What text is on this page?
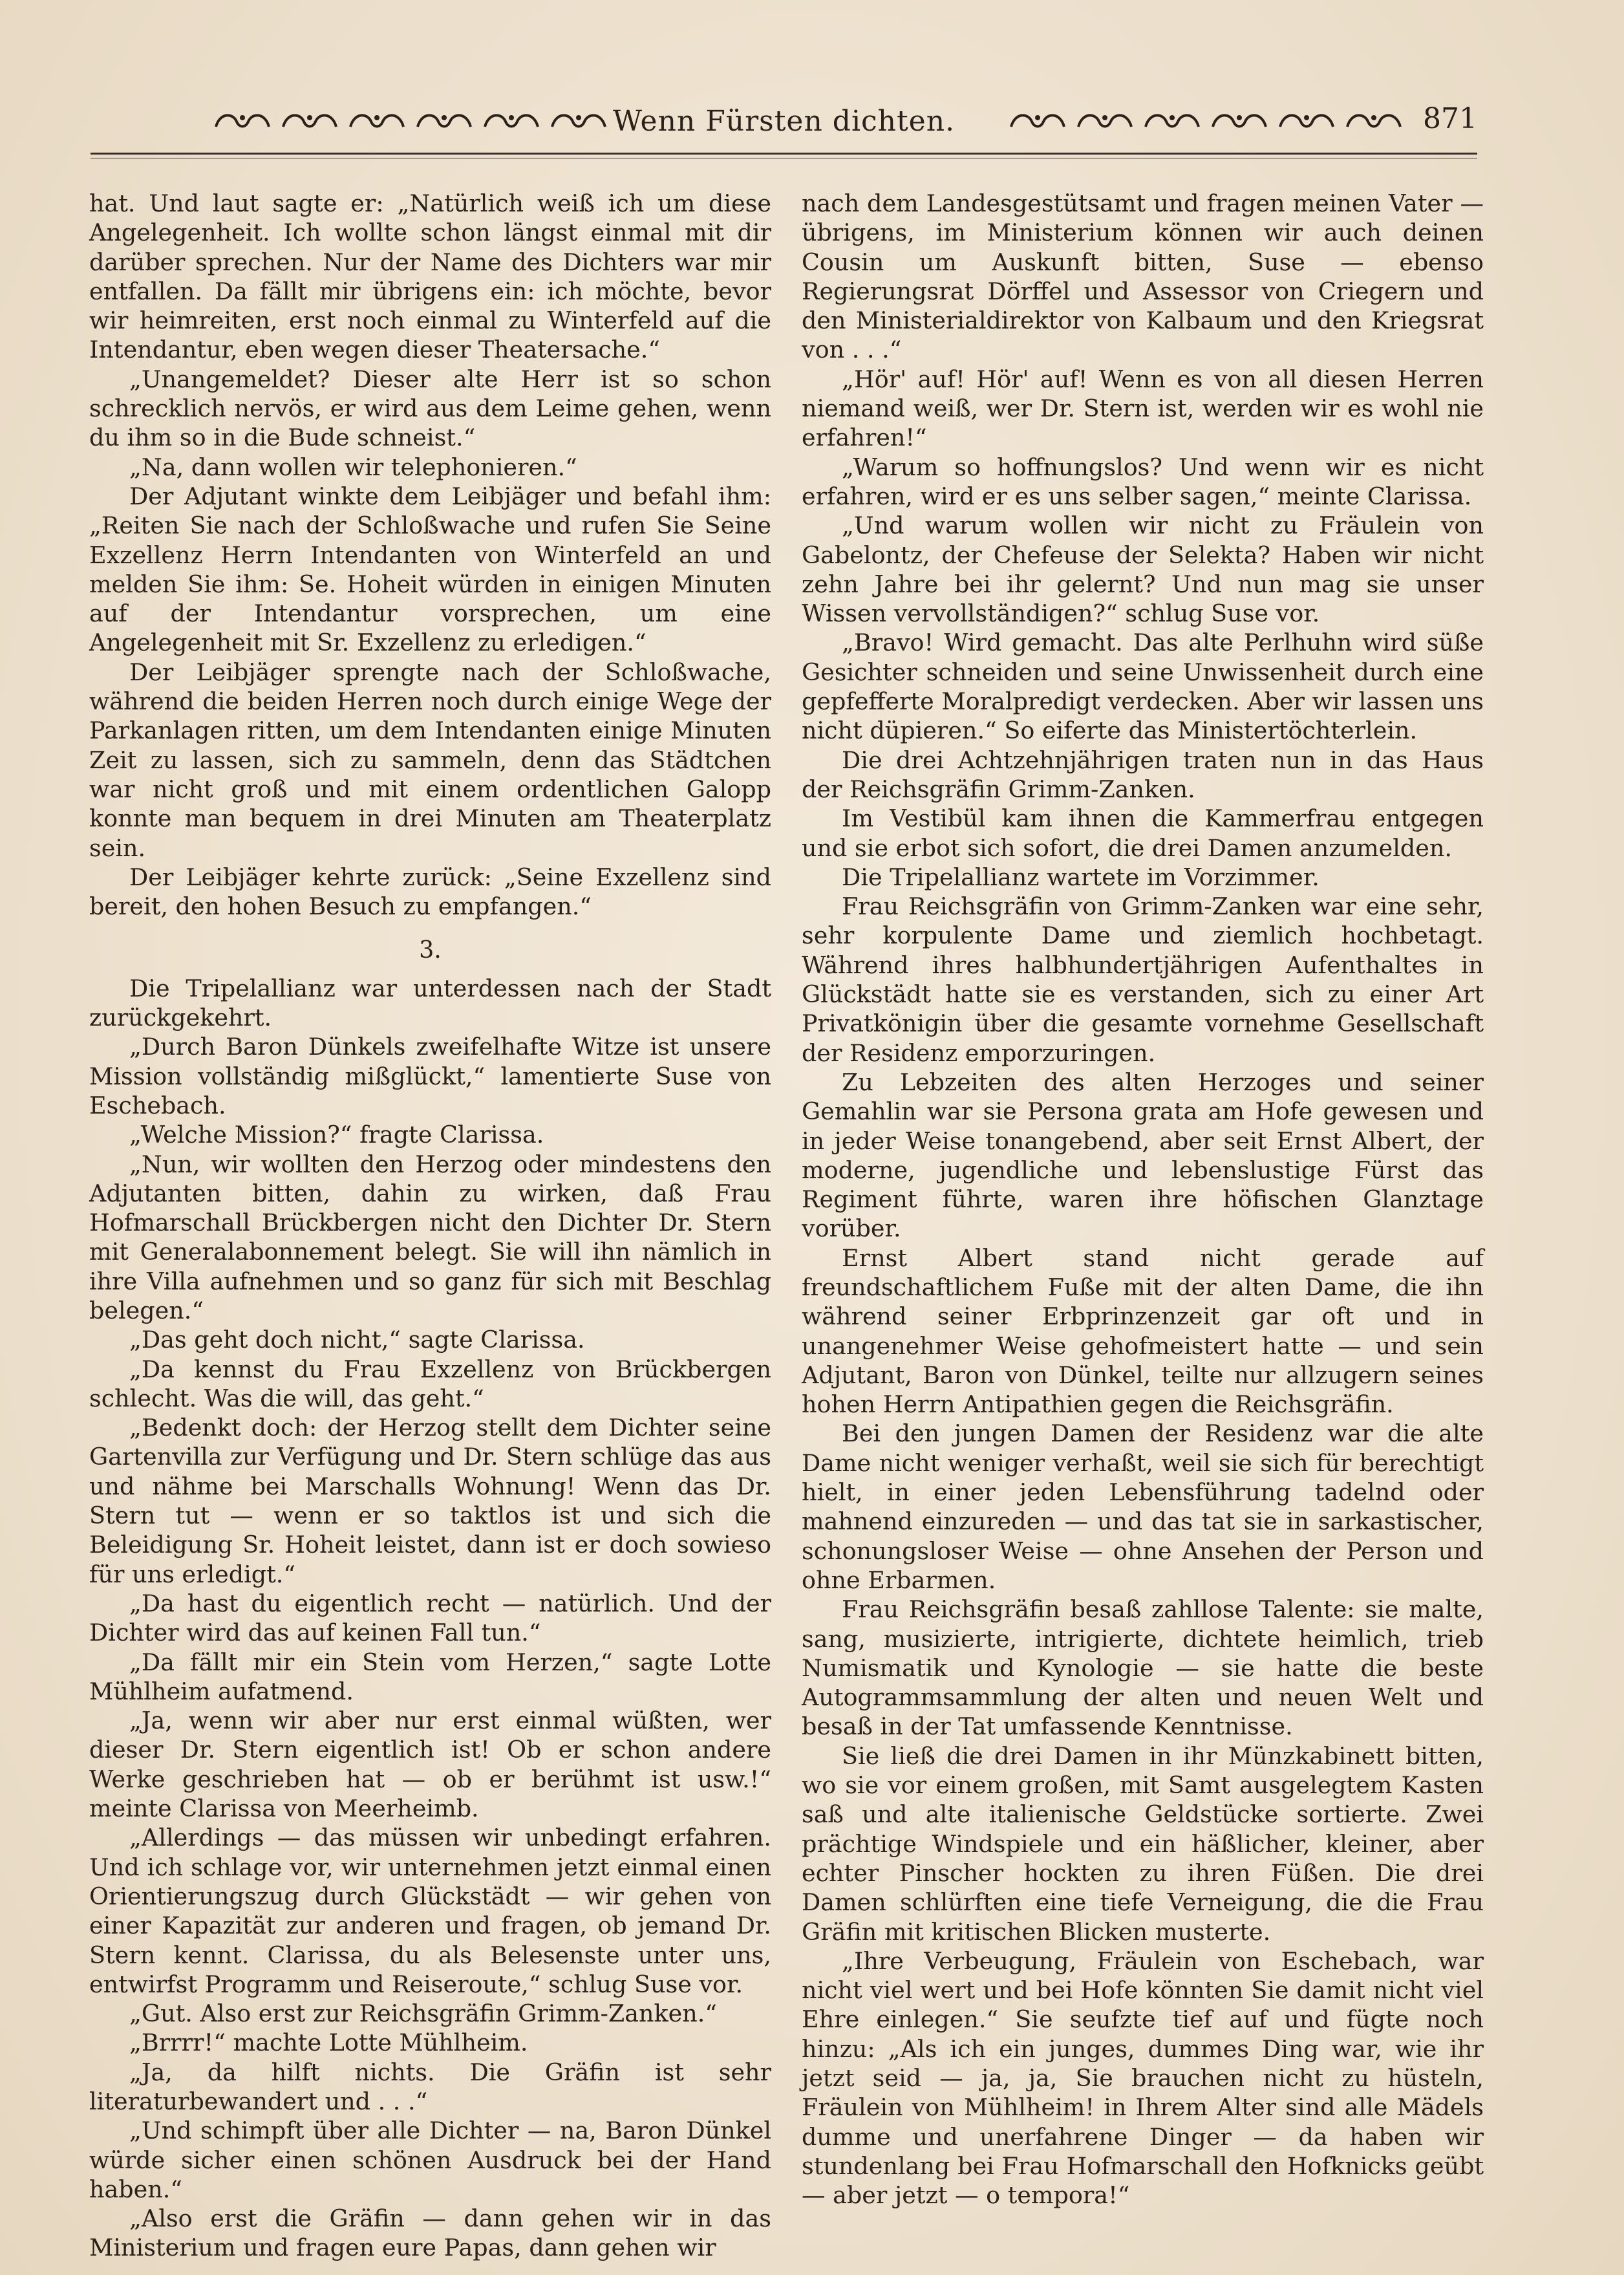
Wenn Fürsten dichten.	871

hat. Und laut sagte er: „Natürlich weiß ich um diese Angelegenheit. Ich wollte schon längst einmal mit dir darüber sprechen. Nur der Name des Dichters war mir entfallen. Da fällt mir übrigens ein: ich möchte, bevor wir heimreiten, erst noch einmal zu Winterfeld auf die Intendantur, eben wegen dieser Theatersache.“

„Unangemeldet? Dieser alte Herr ist so schon schrecklich nervös, er wird aus dem Leime gehen, wenn du ihm so in die Bude schneist.“

„Na, dann wollen wir telephonieren.“

Der Adjutant winkte dem Leibjäger und befahl ihm: „Reiten Sie nach der Schloßwache und rufen Sie Seine Exzellenz Herrn Intendanten von Winterfeld an und melden Sie ihm: Se. Hoheit würden in einigen Minuten auf der Intendantur vorsprechen, um eine Angelegenheit mit Sr. Exzellenz zu erledigen.“

Der Leibjäger sprengte nach der Schloßwache, während die beiden Herren noch durch einige Wege der Parkanlagen ritten, um dem Intendanten einige Minuten Zeit zu lassen, sich zu sammeln, denn das Städtchen war nicht groß und mit einem ordentlichen Galopp konnte man bequem in drei Minuten am Theaterplatz sein.

Der Leibjäger kehrte zurück: „Seine Exzellenz sind bereit, den hohen Besuch zu empfangen.“

3.

Die Tripelallianz war unterdessen nach der Stadt zurückgekehrt.

„Durch Baron Dünkels zweifelhafte Witze ist unsere Mission vollständig mißglückt,“ lamentierte Suse von Eschebach.

„Welche Mission?“ fragte Clarissa.

„Nun, wir wollten den Herzog oder mindestens den Adjutanten bitten, dahin zu wirken, daß Frau Hofmarschall Brückbergen nicht den Dichter Dr. Stern mit Generalabonnement belegt. Sie will ihn nämlich in ihre Villa aufnehmen und so ganz für sich mit Beschlag belegen.“

„Das geht doch nicht,“ sagte Clarissa.

„Da kennst du Frau Exzellenz von Brückbergen schlecht. Was die will, das geht.“

„Bedenkt doch: der Herzog stellt dem Dichter seine Gartenvilla zur Verfügung und Dr. Stern schlüge das aus und nähme bei Marschalls Wohnung! Wenn das Dr. Stern tut — wenn er so taktlos ist und sich die Beleidigung Sr. Hoheit leistet, dann ist er doch sowieso für uns erledigt.“

„Da hast du eigentlich recht — natürlich. Und der Dichter wird das auf keinen Fall tun.“

„Da fällt mir ein Stein vom Herzen,“ sagte Lotte Mühlheim aufatmend.

„Ja, wenn wir aber nur erst einmal wüßten, wer dieser Dr. Stern eigentlich ist! Ob er schon andere Werke geschrieben hat — ob er berühmt ist usw.!“ meinte Clarissa von Meerheimb.

„Allerdings — das müssen wir unbedingt erfahren. Und ich schlage vor, wir unternehmen jetzt einmal einen Orientierungszug durch Glückstädt — wir gehen von einer Kapazität zur anderen und fragen, ob jemand Dr. Stern kennt. Clarissa, du als Belesenste unter uns, entwirfst Programm und Reiseroute,“ schlug Suse vor.

„Gut. Also erst zur Reichsgräfin Grimm-Zanken.“

„Brrrr!“ machte Lotte Mühlheim.

„Ja, da hilft nichts. Die Gräfin ist sehr literaturbewandert und . . .“

„Und schimpft über alle Dichter — na, Baron Dünkel würde sicher einen schönen Ausdruck bei der Hand haben.“

„Also erst die Gräfin — dann gehen wir in das Ministerium und fragen eure Papas, dann gehen wir

nach dem Landesgestütsamt und fragen meinen Vater — übrigens, im Ministerium können wir auch deinen Cousin um Auskunft bitten, Suse — ebenso Regierungsrat Dörffel und Assessor von Criegern und den Ministerialdirektor von Kalbaum und den Kriegsrat von . . .“

„Hör' auf! Hör' auf! Wenn es von all diesen Herren niemand weiß, wer Dr. Stern ist, werden wir es wohl nie erfahren!“

„Warum so hoffnungslos? Und wenn wir es nicht erfahren, wird er es uns selber sagen,“ meinte Clarissa.

„Und warum wollen wir nicht zu Fräulein von Gabelontz, der Chefeuse der Selekta? Haben wir nicht zehn Jahre bei ihr gelernt? Und nun mag sie unser Wissen vervollständigen?“ schlug Suse vor.

„Bravo! Wird gemacht. Das alte Perlhuhn wird süße Gesichter schneiden und seine Unwissenheit durch eine gepfefferte Moralpredigt verdecken. Aber wir lassen uns nicht düpieren.“ So eiferte das Ministertöchterlein.

Die drei Achtzehnjährigen traten nun in das Haus der Reichsgräfin Grimm-Zanken.

Im Vestibül kam ihnen die Kammerfrau entgegen und sie erbot sich sofort, die drei Damen anzumelden.

Die Tripelallianz wartete im Vorzimmer.

Frau Reichsgräfin von Grimm-Zanken war eine sehr, sehr korpulente Dame und ziemlich hochbetagt. Während ihres halbhundertjährigen Aufenthaltes in Glückstädt hatte sie es verstanden, sich zu einer Art Privatkönigin über die gesamte vornehme Gesellschaft der Residenz emporzuringen.

Zu Lebzeiten des alten Herzoges und seiner Gemahlin war sie Persona grata am Hofe gewesen und in jeder Weise tonangebend, aber seit Ernst Albert, der moderne, jugendliche und lebenslustige Fürst das Regiment führte, waren ihre höfischen Glanztage vorüber.

Ernst Albert stand nicht gerade auf freundschaftlichem Fuße mit der alten Dame, die ihn während seiner Erbprinzenzeit gar oft und in unangenehmer Weise gehofmeistert hatte — und sein Adjutant, Baron von Dünkel, teilte nur allzugern seines hohen Herrn Antipathien gegen die Reichsgräfin.

Bei den jungen Damen der Residenz war die alte Dame nicht weniger verhaßt, weil sie sich für berechtigt hielt, in einer jeden Lebensführung tadelnd oder mahnend einzureden — und das tat sie in sarkastischer, schonungsloser Weise — ohne Ansehen der Person und ohne Erbarmen.

Frau Reichsgräfin besaß zahllose Talente: sie malte, sang, musizierte, intrigierte, dichtete heimlich, trieb Numismatik und Kynologie — sie hatte die beste Autogrammsammlung der alten und neuen Welt und besaß in der Tat umfassende Kenntnisse.

Sie ließ die drei Damen in ihr Münzkabinett bitten, wo sie vor einem großen, mit Samt ausgelegtem Kasten saß und alte italienische Geldstücke sortierte. Zwei prächtige Windspiele und ein häßlicher, kleiner, aber echter Pinscher hockten zu ihren Füßen. Die drei Damen schlürften eine tiefe Verneigung, die die Frau Gräfin mit kritischen Blicken musterte.

„Ihre Verbeugung, Fräulein von Eschebach, war nicht viel wert und bei Hofe könnten Sie damit nicht viel Ehre einlegen.“ Sie seufzte tief auf und fügte noch hinzu: „Als ich ein junges, dummes Ding war, wie ihr jetzt seid — ja, ja, Sie brauchen nicht zu hüsteln, Fräulein von Mühlheim! in Ihrem Alter sind alle Mädels dumme und unerfahrene Dinger — da haben wir stundenlang bei Frau Hofmarschall den Hofknicks geübt — aber jetzt — o tempora!“
